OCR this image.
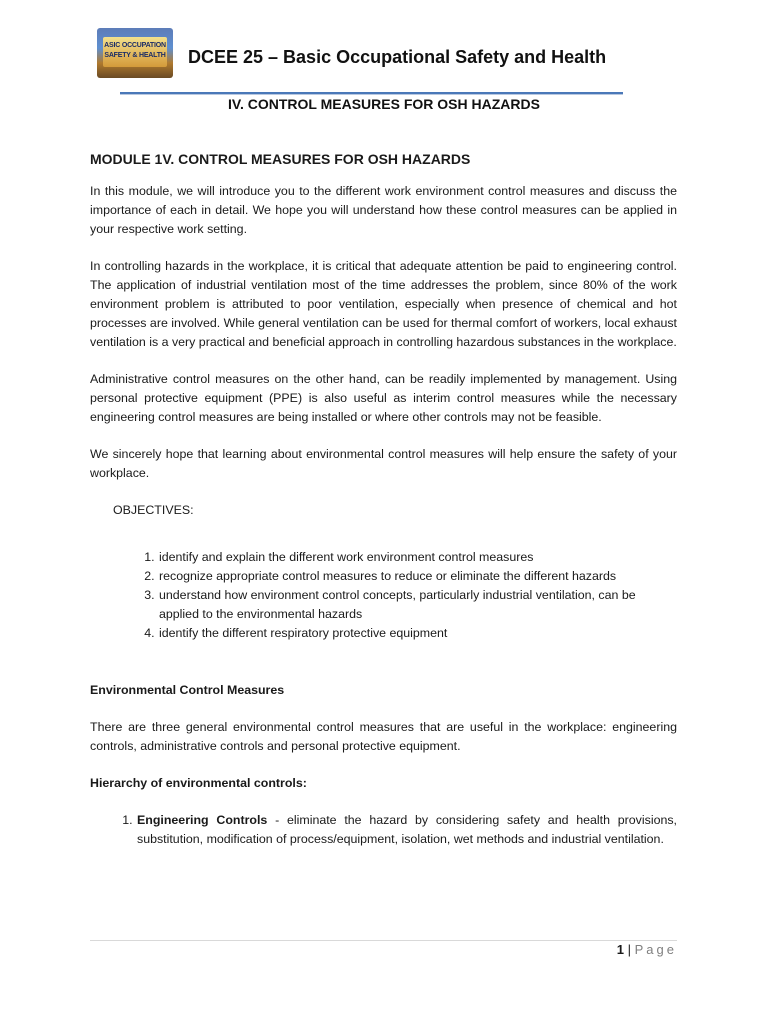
ASIC OCCUPATION
SAFETY & HEALTH	DCEE 25 – Basic Occupational Safety and Health
IV. CONTROL MEASURES FOR OSH HAZARDS
MODULE 1V. CONTROL MEASURES FOR OSH HAZARDS

In this module, we will introduce you to the different work environment control measures and discuss the importance of each in detail. We hope you will understand how these control measures can be applied in your respective work setting.

In controlling hazards in the workplace, it is critical that adequate attention be paid to engineering control. The application of industrial ventilation most of the time addresses the problem, since 80% of the work environment problem is attributed to poor ventilation, especially when presence of chemical and hot processes are involved. While general ventilation can be used for thermal comfort of workers, local exhaust ventilation is a very practical and beneficial approach in controlling hazardous substances in the workplace.

Administrative control measures on the other hand, can be readily implemented by management. Using personal protective equipment (PPE) is also useful as interim control measures while the necessary engineering control measures are being installed or where other controls may not be feasible.

We sincerely hope that learning about environmental control measures will help ensure the safety of your workplace.

OBJECTIVES:
1. identify and explain the different work environment control measures
2. recognize appropriate control measures to reduce or eliminate the different hazards
3. understand how environment control concepts, particularly industrial ventilation, can be applied to the environmental hazards
4. identify the different respiratory protective equipment
Environmental Control Measures

There are three general environmental control measures that are useful in the workplace: engineering controls, administrative controls and personal protective equipment.

Hierarchy of environmental controls:
1. Engineering Controls - eliminate the hazard by considering safety and health provisions, substitution, modification of process/equipment, isolation, wet methods and industrial ventilation.
1 | Page
